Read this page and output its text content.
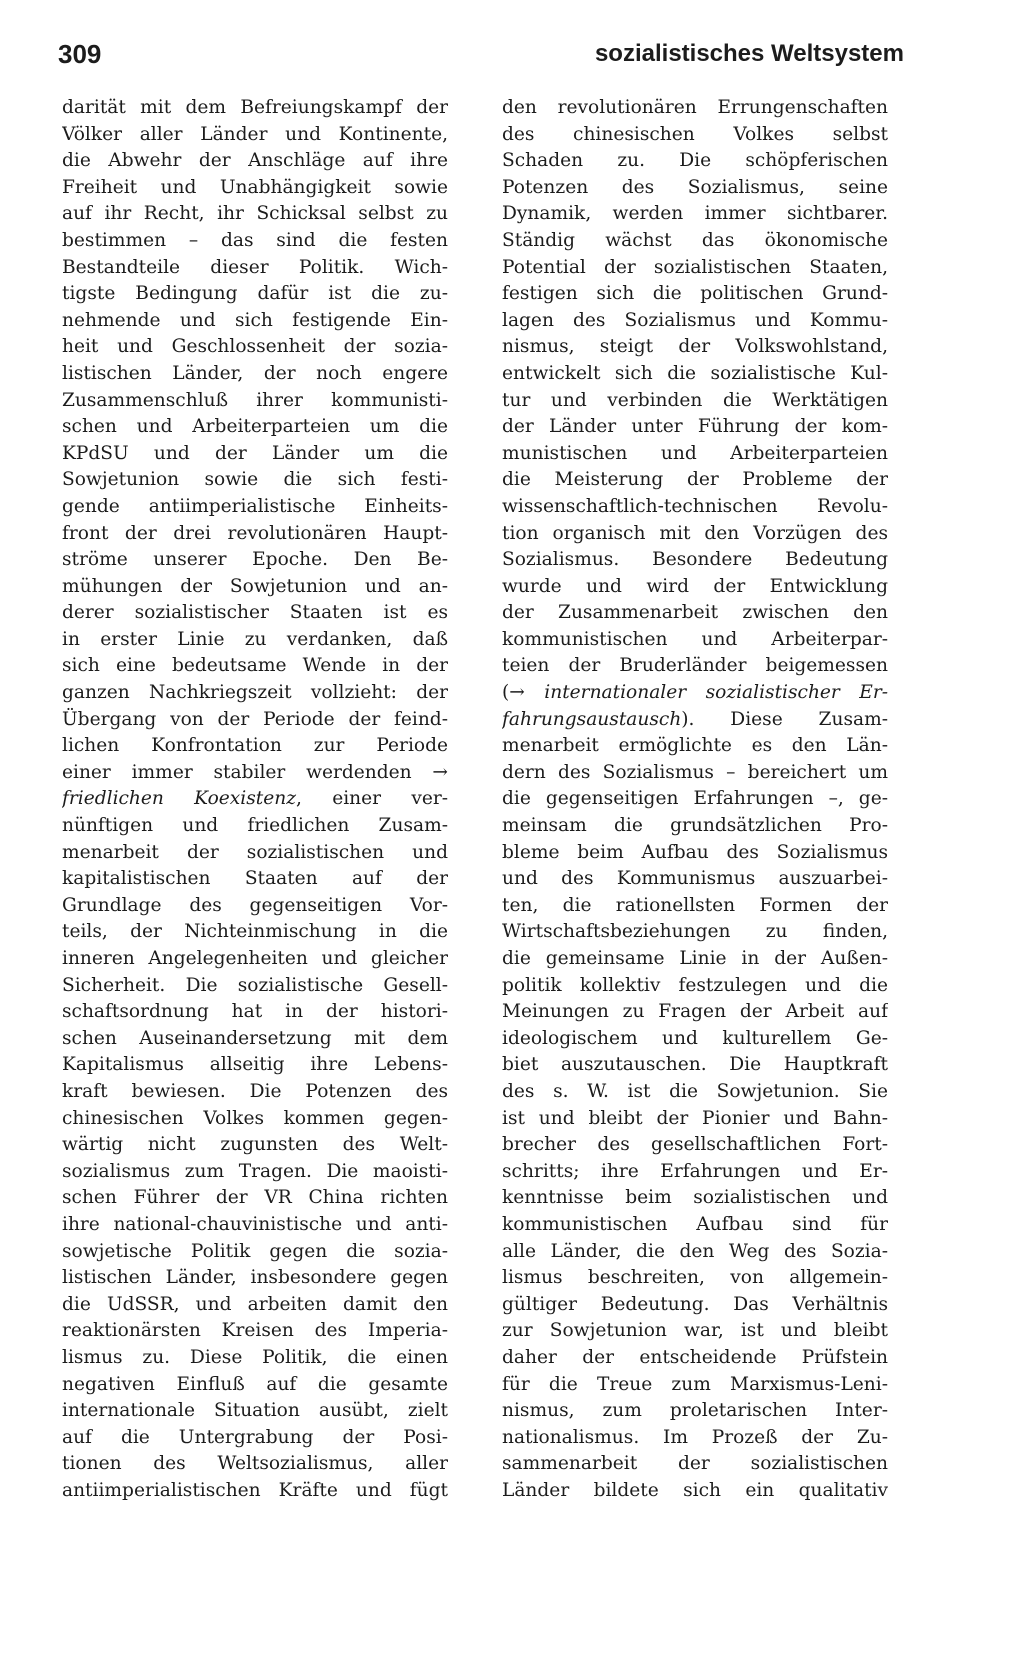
309	sozialistisches Weltsystem
darität mit dem Befreiungskampf der
Völker aller Länder und Kontinente,
die Abwehr der Anschläge auf ihre
Freiheit und Unabhängigkeit sowie
auf ihr Recht, ihr Schicksal selbst zu
bestimmen – das sind die festen
Bestandteile dieser Politik. Wich-
tigste Bedingung dafür ist die zu-
nehmende und sich festigende Ein-
heit und Geschlossenheit der sozia-
listischen Länder, der noch engere
Zusammenschluß ihrer kommunisti-
schen und Arbeiterparteien um die
KPdSU und der Länder um die
Sowjetunion sowie die sich festi-
gende antiimperialistische Einheits-
front der drei revolutionären Haupt-
ströme unserer Epoche. Den Be-
mühungen der Sowjetunion und an-
derer sozialistischer Staaten ist es
in erster Linie zu verdanken, daß
sich eine bedeutsame Wende in der
ganzen Nachkriegszeit vollzieht: der
Übergang von der Periode der feind-
lichen Konfrontation zur Periode
einer immer stabiler werdenden →
friedlichen Koexistenz, einer ver-
nünftigen und friedlichen Zusam-
menarbeit der sozialistischen und
kapitalistischen Staaten auf der
Grundlage des gegenseitigen Vor-
teils, der Nichteinmischung in die
inneren Angelegenheiten und gleicher
Sicherheit. Die sozialistische Gesell-
schaftsordnung hat in der histori-
schen Auseinandersetzung mit dem
Kapitalismus allseitig ihre Lebens-
kraft bewiesen. Die Potenzen des
chinesischen Volkes kommen gegen-
wärtig nicht zugunsten des Welt-
sozialismus zum Tragen. Die maoisti-
schen Führer der VR China richten
ihre national-chauvinistische und anti-
sowjetische Politik gegen die sozia-
listischen Länder, insbesondere gegen
die UdSSR, und arbeiten damit den
reaktionärsten Kreisen des Imperia-
lismus zu. Diese Politik, die einen
negativen Einfluß auf die gesamte
internationale Situation ausübt, zielt
auf die Untergrabung der Posi-
tionen des Weltsozialismus, aller
antiimperialistischen Kräfte und fügt
den revolutionären Errungenschaften
des chinesischen Volkes selbst
Schaden zu. Die schöpferischen
Potenzen des Sozialismus, seine
Dynamik, werden immer sichtbarer.
Ständig wächst das ökonomische
Potential der sozialistischen Staaten,
festigen sich die politischen Grund-
lagen des Sozialismus und Kommu-
nismus, steigt der Volkswohlstand,
entwickelt sich die sozialistische Kul-
tur und verbinden die Werktätigen
der Länder unter Führung der kom-
munistischen und Arbeiterparteien
die Meisterung der Probleme der
wissenschaftlich-technischen Revolu-
tion organisch mit den Vorzügen des
Sozialismus. Besondere Bedeutung
wurde und wird der Entwicklung
der Zusammenarbeit zwischen den
kommunistischen und Arbeiterpar-
teien der Bruderländer beigemessen
(→ internationaler sozialistischer Er-
fahrungsaustausch). Diese Zusam-
menarbeit ermöglichte es den Län-
dern des Sozialismus – bereichert um
die gegenseitigen Erfahrungen –, ge-
meinsam die grundsätzlichen Pro-
bleme beim Aufbau des Sozialismus
und des Kommunismus auszuarbei-
ten, die rationellsten Formen der
Wirtschaftsbeziehungen zu finden,
die gemeinsame Linie in der Außen-
politik kollektiv festzulegen und die
Meinungen zu Fragen der Arbeit auf
ideologischem und kulturellem Ge-
biet auszutauschen. Die Hauptkraft
des s. W. ist die Sowjetunion. Sie
ist und bleibt der Pionier und Bahn-
brecher des gesellschaftlichen Fort-
schritts; ihre Erfahrungen und Er-
kenntnisse beim sozialistischen und
kommunistischen Aufbau sind für
alle Länder, die den Weg des Sozia-
lismus beschreiten, von allgemein-
gültiger Bedeutung. Das Verhältnis
zur Sowjetunion war, ist und bleibt
daher der entscheidende Prüfstein
für die Treue zum Marxismus-Leni-
nismus, zum proletarischen Inter-
nationalismus. Im Prozeß der Zu-
sammenarbeit der sozialistischen
Länder bildete sich ein qualitativ
